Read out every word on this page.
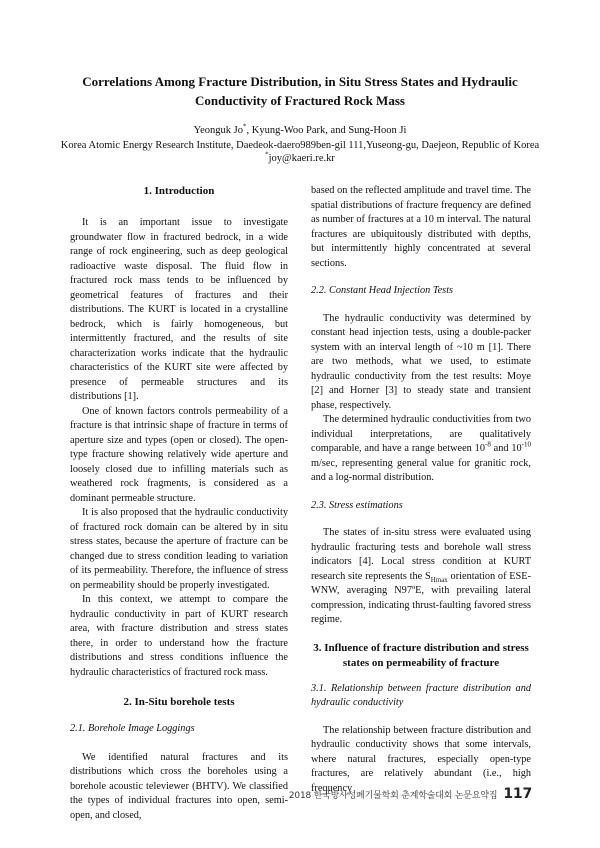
Correlations Among Fracture Distribution, in Situ Stress States and Hydraulic
Conductivity of Fractured Rock Mass
Yeonguk Jo*, Kyung-Woo Park, and Sung-Hoon Ji
Korea Atomic Energy Research Institute, Daedeok-daero989ben-gil 111,Yuseong-gu, Daejeon, Republic of Korea
*joy@kaeri.re.kr
1. Introduction

It is an important issue to investigate groundwater flow in fractured bedrock, in a wide range of rock engineering, such as deep geological radioactive waste disposal. The fluid flow in fractured rock mass tends to be influenced by geometrical features of fractures and their distributions. The KURT is located in a crystalline bedrock, which is fairly homogeneous, but intermittently fractured, and the results of site characterization works indicate that the hydraulic characteristics of the KURT site were affected by presence of permeable structures and its distributions [1].

One of known factors controls permeability of a fracture is that intrinsic shape of fracture in terms of aperture size and types (open or closed). The open-type fracture showing relatively wide aperture and loosely closed due to infilling materials such as weathered rock fragments, is considered as a dominant permeable structure.

It is also proposed that the hydraulic conductivity of fractured rock domain can be altered by in situ stress states, because the aperture of fracture can be changed due to stress condition leading to variation of its permeability. Therefore, the influence of stress on permeability should be properly investigated.

In this context, we attempt to compare the hydraulic conductivity in part of KURT research area, with fracture distribution and stress states there, in order to understand how the fracture distributions and stress conditions influence the hydraulic characteristics of fractured rock mass.

2. In-Situ borehole tests

2.1. Borehole Image Loggings

We identified natural fractures and its distributions which cross the boreholes using a borehole acoustic televiewer (BHTV). We classified the types of individual fractures into open, semi-open, and closed,

based on the reflected amplitude and travel time. The spatial distributions of fracture frequency are defined as number of fractures at a 10 m interval. The natural fractures are ubiquitously distributed with depths, but intermittently highly concentrated at several sections.

2.2. Constant Head Injection Tests

The hydraulic conductivity was determined by constant head injection tests, using a double-packer system with an interval length of ~10 m [1]. There are two methods, what we used, to estimate hydraulic conductivity from the test results: Moye [2] and Horner [3] to steady state and transient phase, respectively.

The determined hydraulic conductivities from two individual interpretations, are qualitatively comparable, and have a range between $10^{-8}$ and $10^{-10}$ m/sec, representing general value for granitic rock, and a log-normal distribution.

2.3. Stress estimations

The states of in-situ stress were evaluated using hydraulic fracturing tests and borehole wall stress indicators [4]. Local stress condition at KURT research site represents the $S_{Hmax}$ orientation of ESE-WNW, averaging N97ºE, with prevailing lateral compression, indicating thrust-faulting favored stress regime.

3. Influence of fracture distribution and stress states on permeability of fracture

3.1. Relationship between fracture distribution and hydraulic conductivity

The relationship between fracture distribution and hydraulic conductivity shows that some intervals, where natural fractures, especially open-type fractures, are relatively abundant (i.e., high frequency

2018 한국방사성폐기물학회 춘계학술대회 논문요약집 117
